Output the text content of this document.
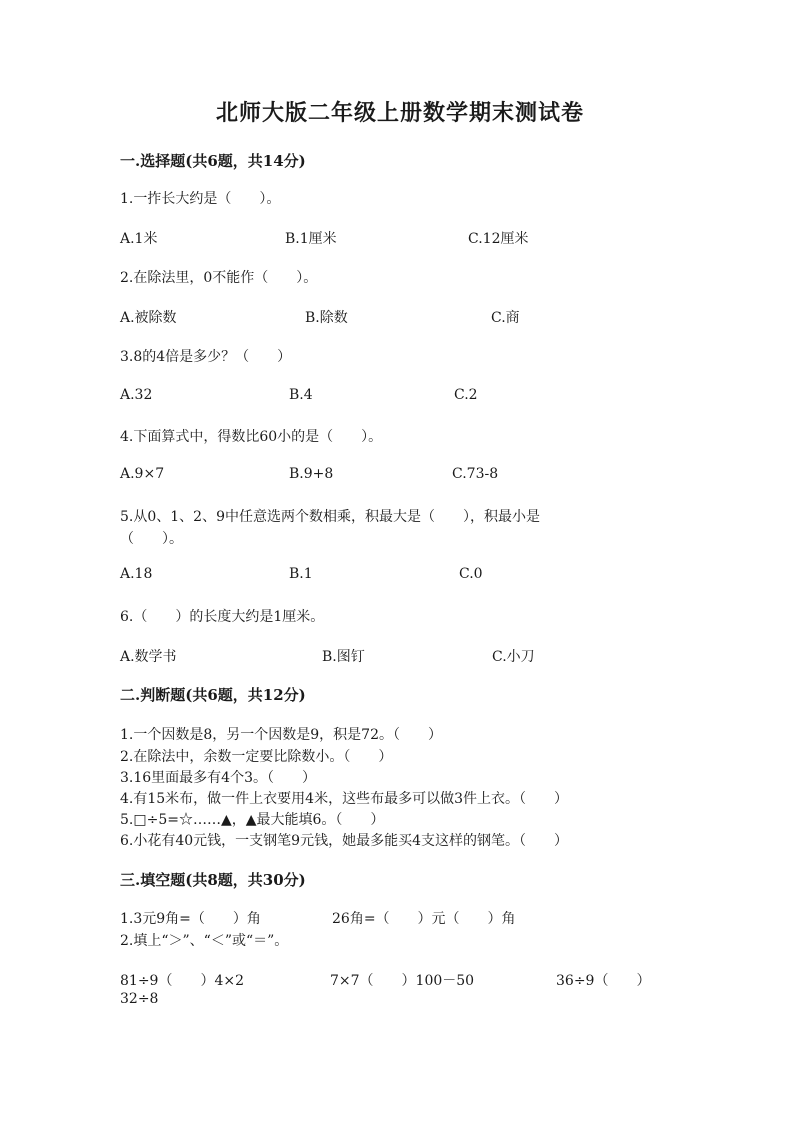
北师大版二年级上册数学期末测试卷
一.选择题(共6题，共14分)
1.一拃长大约是（　　）。
A.1米	B.1厘米	C.12厘米
2.在除法里，0不能作（　　）。
A.被除数	B.除数	C.商
3.8的4倍是多少？（　　）
A.32	B.4	C.2
4.下面算式中，得数比60小的是（　　）。
A.9×7	B.9+8	C.73-8
5.从0、1、2、9中任意选两个数相乘，积最大是（　　），积最小是
（　　）。
A.18	B.1	C.0
6.（　　）的长度大约是1厘米。
A.数学书	B.图钉	C.小刀
二.判断题(共6题，共12分)
1.一个因数是8，另一个因数是9，积是72。（　　）
2.在除法中，余数一定要比除数小。（　　）
3.16里面最多有4个3。（　　）
4.有15米布，做一件上衣要用4米，这些布最多可以做3件上衣。（　　）
5.□÷5=☆……▲，▲最大能填6。（　　）
6.小花有40元钱，一支钢笔9元钱，她最多能买4支这样的钢笔。（　　）
三.填空题(共8题，共30分)
1.3元9角=（　　）角	26角=（　　）元（　　）角
2.填上“＞”、“＜”或“＝”。
81÷9（　　）4×2	7×7（　　）100－50	36÷9（　　）
32÷8
